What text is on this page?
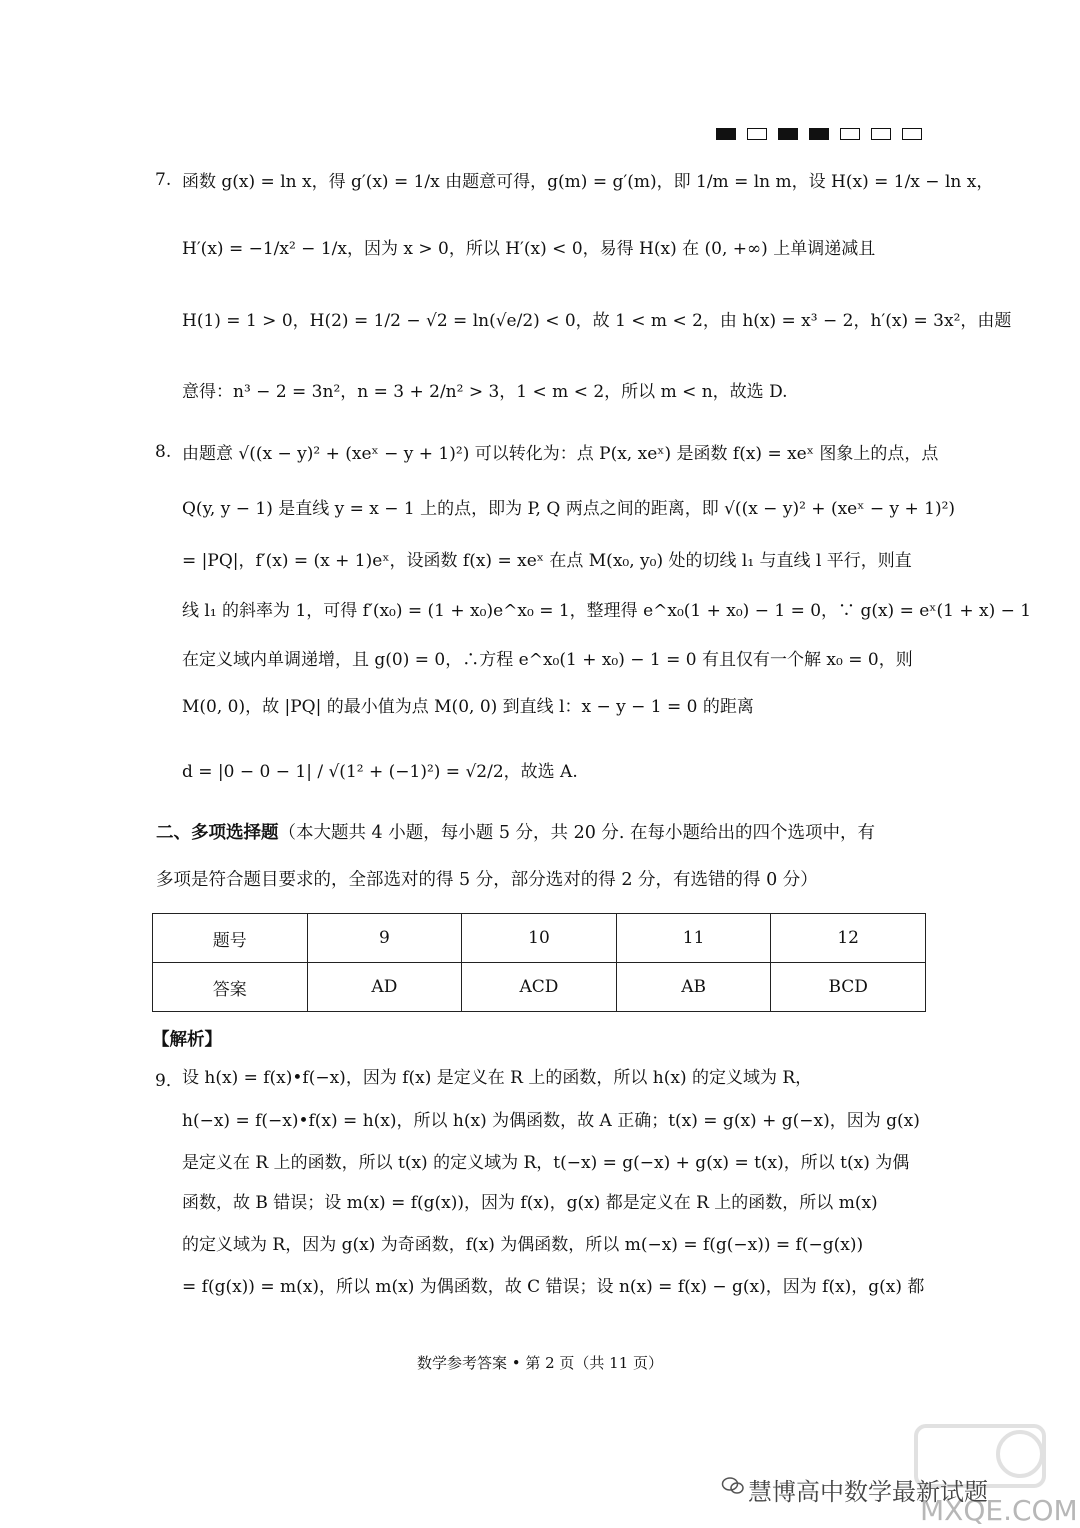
7. 函数 g(x) = ln x，得 g′(x) = 1/x 由题意可得，g(m) = g′(m)，即 1/m = ln m，设 H(x) = 1/x − ln x，
H′(x) = −1/x² − 1/x，因为 x > 0，所以 H′(x) < 0，易得 H(x) 在 (0, +∞) 上单调递减且
H(1) = 1 > 0，H(2) = 1/2 − √2 = ln(√e/2) < 0，故 1 < m < 2，由 h(x) = x³ − 2，h′(x) = 3x²，由题
意得：n³ − 2 = 3n²，n = 3 + 2/n² > 3，1 < m < 2，所以 m < n，故选 D.
8. 由题意 √((x − y)² + (xeˣ − y + 1)²) 可以转化为：点 P(x, xeˣ) 是函数 f(x) = xeˣ 图象上的点，点
Q(y, y − 1) 是直线 y = x − 1 上的点，即为 P, Q 两点之间的距离，即 √((x − y)² + (xeˣ − y + 1)²)
= |PQ|，f′(x) = (x + 1)eˣ，设函数 f(x) = xeˣ 在点 M(x₀, y₀) 处的切线 l₁ 与直线 l 平行，则直
线 l₁ 的斜率为 1，可得 f′(x₀) = (1 + x₀)e^x₀ = 1，整理得 e^x₀(1 + x₀) − 1 = 0，∵ g(x) = eˣ(1 + x) − 1
在定义域内单调递增，且 g(0) = 0，∴方程 e^x₀(1 + x₀) − 1 = 0 有且仅有一个解 x₀ = 0，则
M(0, 0)，故 |PQ| 的最小值为点 M(0, 0) 到直线 l：x − y − 1 = 0 的距离
d = |0 − 0 − 1| / √(1² + (−1)²) = √2/2，故选 A.
二、多项选择题（本大题共 4 小题，每小题 5 分，共 20 分. 在每小题给出的四个选项中，有
多项是符合题目要求的，全部选对的得 5 分，部分选对的得 2 分，有选错的得 0 分）
题号	9	10	11	12
答案	AD	ACD	AB	BCD
【解析】
9． 设 h(x) = f(x)•f(−x)，因为 f(x) 是定义在 R 上的函数，所以 h(x) 的定义域为 R，
h(−x) = f(−x)•f(x) = h(x)，所以 h(x) 为偶函数，故 A 正确；t(x) = g(x) + g(−x)，因为 g(x)
是定义在 R 上的函数，所以 t(x) 的定义域为 R，t(−x) = g(−x) + g(x) = t(x)，所以 t(x) 为偶
函数，故 B 错误；设 m(x) = f(g(x))，因为 f(x)，g(x) 都是定义在 R 上的函数，所以 m(x)
的定义域为 R，因为 g(x) 为奇函数，f(x) 为偶函数，所以 m(−x) = f(g(−x)) = f(−g(x))
= f(g(x)) = m(x)，所以 m(x) 为偶函数，故 C 错误；设 n(x) = f(x) − g(x)，因为 f(x)，g(x) 都
数学参考答案 • 第 2 页（共 11 页）
MXQE.COM
慧博高中数学最新试题
